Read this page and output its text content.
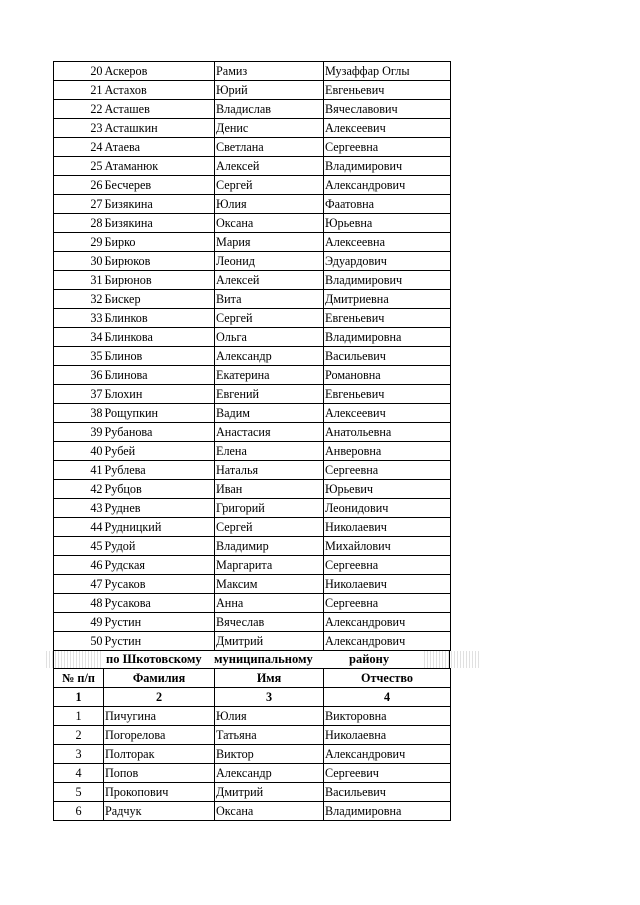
20	Аскеров	Рамиз	Музаффар Оглы
21	Астахов	Юрий	Евгеньевич
22	Асташев	Владислав	Вячеславович
23	Асташкин	Денис	Алексеевич
24	Атаева	Светлана	Сергеевна
25	Атаманюк	Алексей	Владимирович
26	Бесчерев	Сергей	Александрович
27	Бизякина	Юлия	Фаатовна
28	Бизякина	Оксана	Юрьевна
29	Бирко	Мария	Алексеевна
30	Бирюков	Леонид	Эдуардович
31	Бирюнов	Алексей	Владимирович
32	Бискер	Вита	Дмитриевна
33	Блинков	Сергей	Евгеньевич
34	Блинкова	Ольга	Владимировна
35	Блинов	Александр	Васильевич
36	Блинова	Екатерина	Романовна
37	Блохин	Евгений	Евгеньевич
38	Рощупкин	Вадим	Алексеевич
39	Рубанова	Анастасия	Анатольевна
40	Рубей	Елена	Анверовна
41	Рублева	Наталья	Сергеевна
42	Рубцов	Иван	Юрьевич
43	Руднев	Григорий	Леонидович
44	Рудницкий	Сергей	Николаевич
45	Рудой	Владимир	Михайлович
46	Рудская	Маргарита	Сергеевна
47	Русаков	Максим	Николаевич
48	Русакова	Анна	Сергеевна
49	Рустин	Вячеслав	Александрович
50	Рустин	Дмитрий	Александрович
по Шкотовскому муниципальному	району
№ п/п	Фамилия	Имя	Отчество
1	2	3	4
1	Пичугина	Юлия	Викторовна
2	Погорелова	Татьяна	Николаевна
3	Полторак	Виктор	Александрович
4	Попов	Александр	Сергеевич
5	Прокопович	Дмитрий	Васильевич
6	Радчук	Оксана	Владимировна
